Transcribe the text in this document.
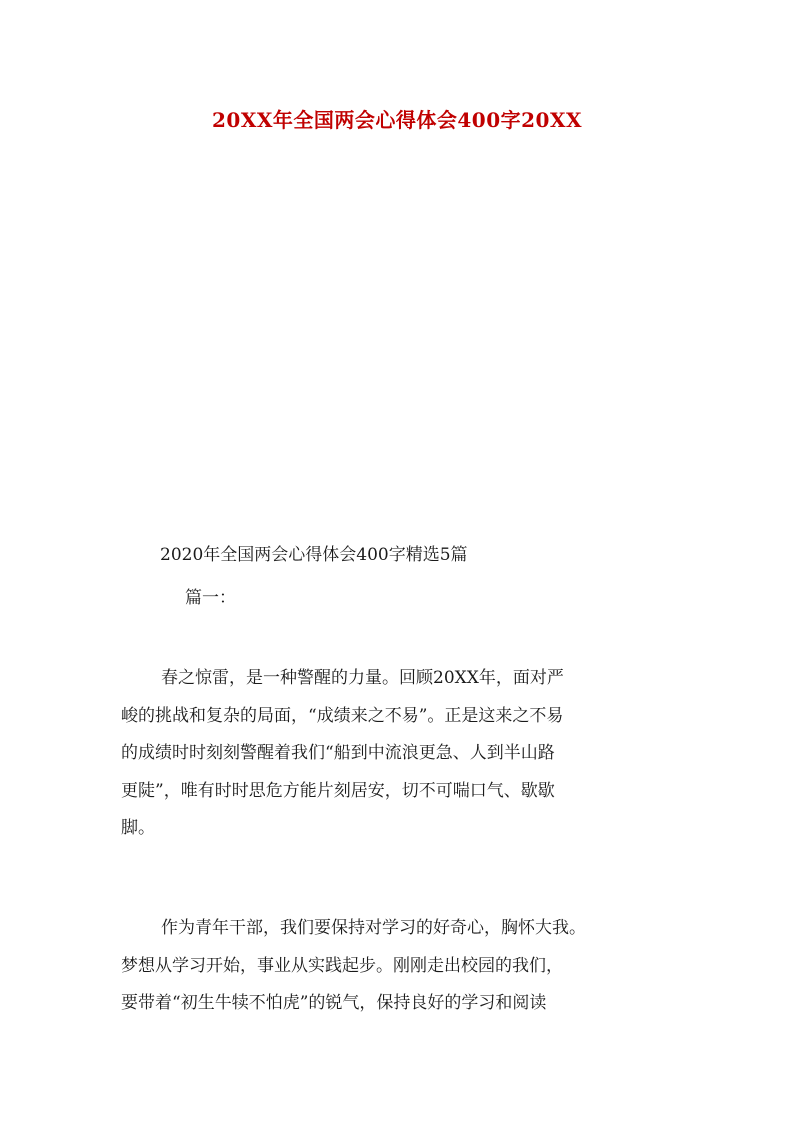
20XX年全国两会心得体会400字20XX

2020年全国两会心得体会400字精选5篇

篇一：

春之惊雷，是一种警醒的力量。回顾20XX年，面对严
峻的挑战和复杂的局面，“成绩来之不易”。正是这来之不易
的成绩时时刻刻警醒着我们“船到中流浪更急、人到半山路
更陡”，唯有时时思危方能片刻居安，切不可喘口气、歇歇
脚。
作为青年干部，我们要保持对学习的好奇心，胸怀大我。
梦想从学习开始，事业从实践起步。刚刚走出校园的我们，
要带着“初生牛犊不怕虎”的锐气，保持良好的学习和阅读
